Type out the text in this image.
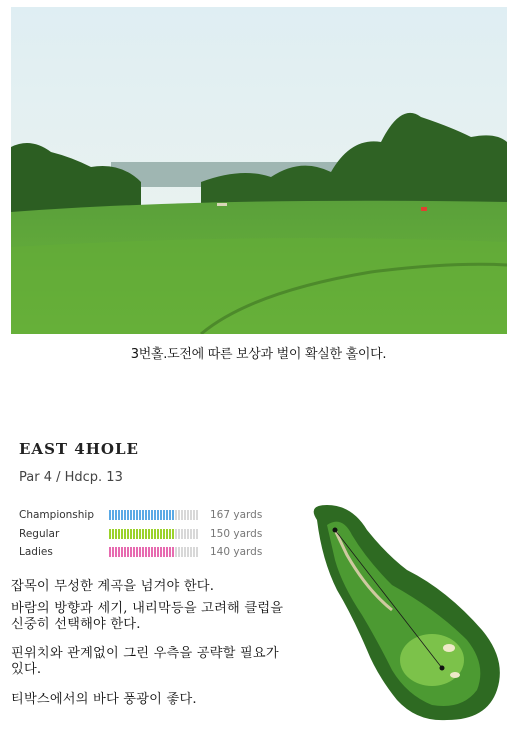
3번홀.도전에 따른 보상과 벌이 확실한 홀이다.
EAST 4HOLE
Par 4 / Hdcp. 13
Championship	167 yards
Regular	150 yards
Ladies	140 yards
잡목이 무성한 계곡을 넘겨야 한다.
바람의 방향과 세기, 내리막등을 고려해 클럽을 신중히 선택해야 한다.
핀위치와 관계없이 그린 우측을 공략할 필요가 있다.
티박스에서의 바다 풍광이 좋다.
